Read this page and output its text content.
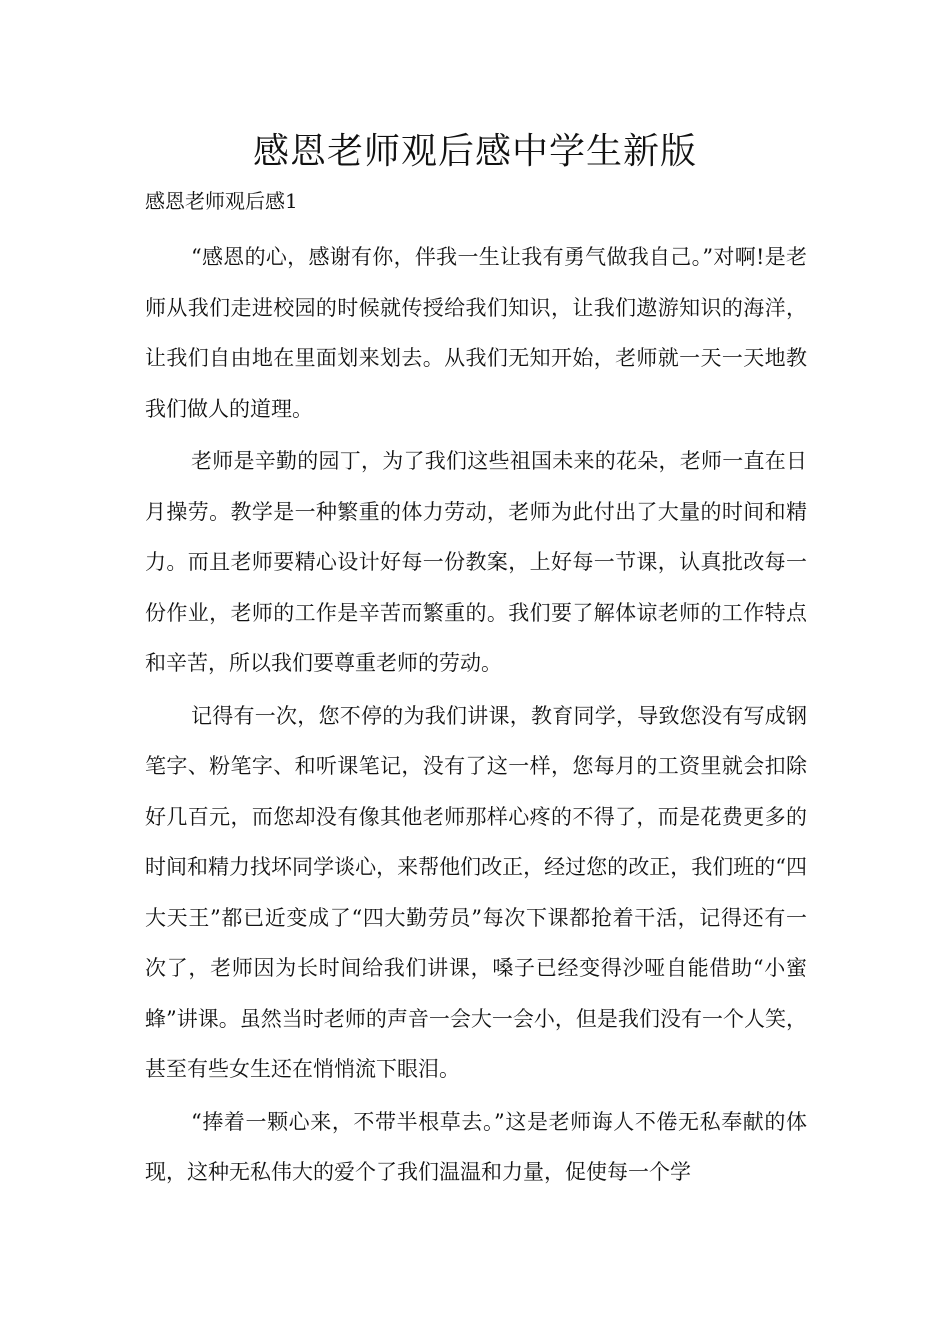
感恩老师观后感中学生新版
感恩老师观后感1

“感恩的心，感谢有你，伴我一生让我有勇气做我自己。”对啊!是老师从我们走进校园的时候就传授给我们知识，让我们遨游知识的海洋，让我们自由地在里面划来划去。从我们无知开始，老师就一天一天地教我们做人的道理。

老师是辛勤的园丁，为了我们这些祖国未来的花朵，老师一直在日月操劳。教学是一种繁重的体力劳动，老师为此付出了大量的时间和精力。而且老师要精心设计好每一份教案，上好每一节课，认真批改每一份作业，老师的工作是辛苦而繁重的。我们要了解体谅老师的工作特点和辛苦，所以我们要尊重老师的劳动。

记得有一次，您不停的为我们讲课，教育同学，导致您没有写成钢笔字、粉笔字、和听课笔记，没有了这一样，您每月的工资里就会扣除好几百元，而您却没有像其他老师那样心疼的不得了，而是花费更多的时间和精力找坏同学谈心，来帮他们改正，经过您的改正，我们班的“四大天王”都已近变成了“四大勤劳员”每次下课都抢着干活，记得还有一次了，老师因为长时间给我们讲课，嗓子已经变得沙哑自能借助“小蜜蜂”讲课。虽然当时老师的声音一会大一会小，但是我们没有一个人笑，甚至有些女生还在悄悄流下眼泪。

“捧着一颗心来，不带半根草去。”这是老师诲人不倦无私奉献的体现，这种无私伟大的爱个了我们温温和力量，促使每一个学
